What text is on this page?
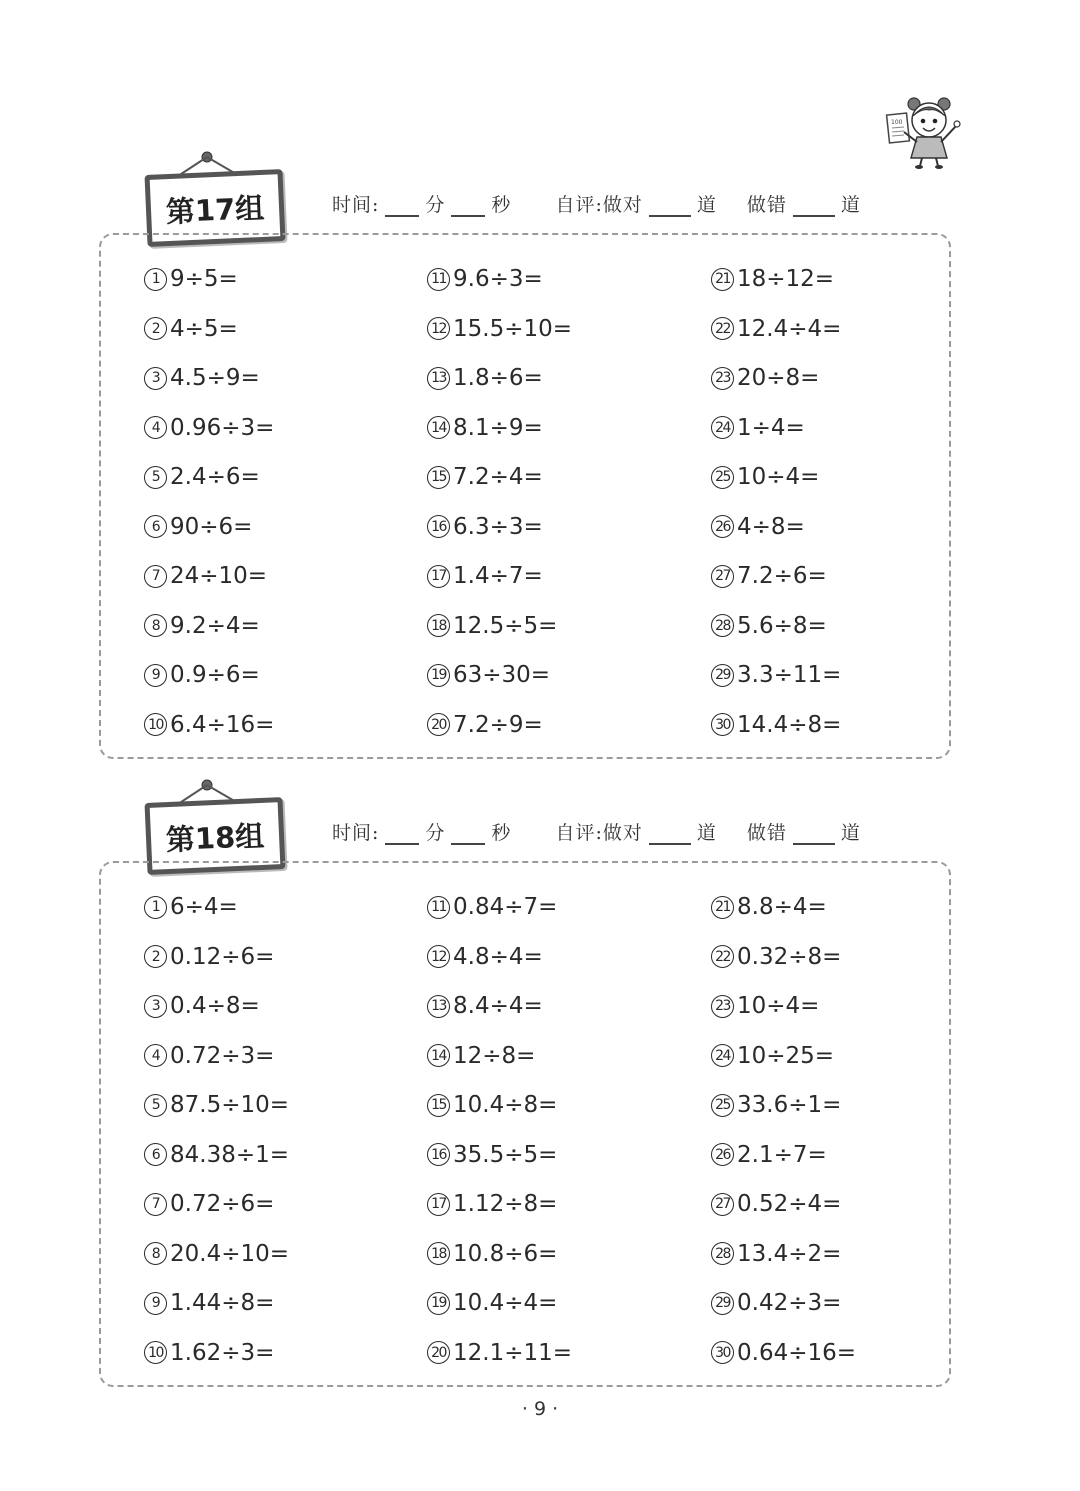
100
· 9 ·
第17组	时间: 分 秒 自评:做对	道 做错	道
1 9÷5=
2 4÷5=
3 4.5÷9=
4 0.96÷3=
5 2.4÷6=
6 90÷6=
7 24÷10=
8 9.2÷4=
9 0.9÷6=
10 6.4÷16=
11 9.6÷3=
12 15.5÷10=
13 1.8÷6=
14 8.1÷9=
15 7.2÷4=
16 6.3÷3=
17 1.4÷7=
18 12.5÷5=
19 63÷30=
20 7.2÷9=
21 18÷12=
22 12.4÷4=
23 20÷8=
24 1÷4=
25 10÷4=
26 4÷8=
27 7.2÷6=
28 5.6÷8=
29 3.3÷11=
30 14.4÷8=
第18组	时间: 分 秒 自评:做对	道 做错	道
1 6÷4=
2 0.12÷6=
3 0.4÷8=
4 0.72÷3=
5 87.5÷10=
6 84.38÷1=
7 0.72÷6=
8 20.4÷10=
9 1.44÷8=
10 1.62÷3=
11 0.84÷7=
12 4.8÷4=
13 8.4÷4=
14 12÷8=
15 10.4÷8=
16 35.5÷5=
17 1.12÷8=
18 10.8÷6=
19 10.4÷4=
20 12.1÷11=
21 8.8÷4=
22 0.32÷8=
23 10÷4=
24 10÷25=
25 33.6÷1=
26 2.1÷7=
27 0.52÷4=
28 13.4÷2=
29 0.42÷3=
30 0.64÷16=
